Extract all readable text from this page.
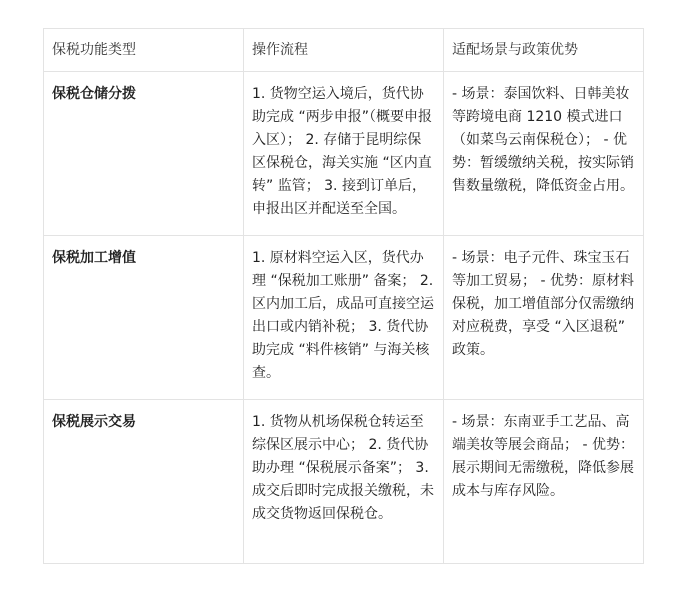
保税功能类型	操作流程	适配场景与政策优势
保税仓储分拨	1. 货物空运入境后，货代协助完成 “两步申报”（概要申报入区）； 2. 存储于昆明综保区保税仓，海关实施 “区内直转” 监管； 3. 接到订单后，申报出区并配送至全国。	- 场景：泰国饮料、日韩美妆等跨境电商 1210 模式进口（如菜鸟云南保税仓）； - 优势：暂缓缴纳关税，按实际销售数量缴税，降低资金占用。
保税加工增值	1. 原材料空运入区，货代办理 “保税加工账册” 备案； 2. 区内加工后，成品可直接空运出口或内销补税； 3. 货代协助完成 “料件核销” 与海关核查。	- 场景：电子元件、珠宝玉石等加工贸易； - 优势：原材料保税，加工增值部分仅需缴纳对应税费，享受 “入区退税” 政策。
保税展示交易	1. 货物从机场保税仓转运至综保区展示中心； 2. 货代协助办理 “保税展示备案”； 3. 成交后即时完成报关缴税，未成交货物返回保税仓。	- 场景：东南亚手工艺品、高端美妆等展会商品； - 优势：展示期间无需缴税，降低参展成本与库存风险。
